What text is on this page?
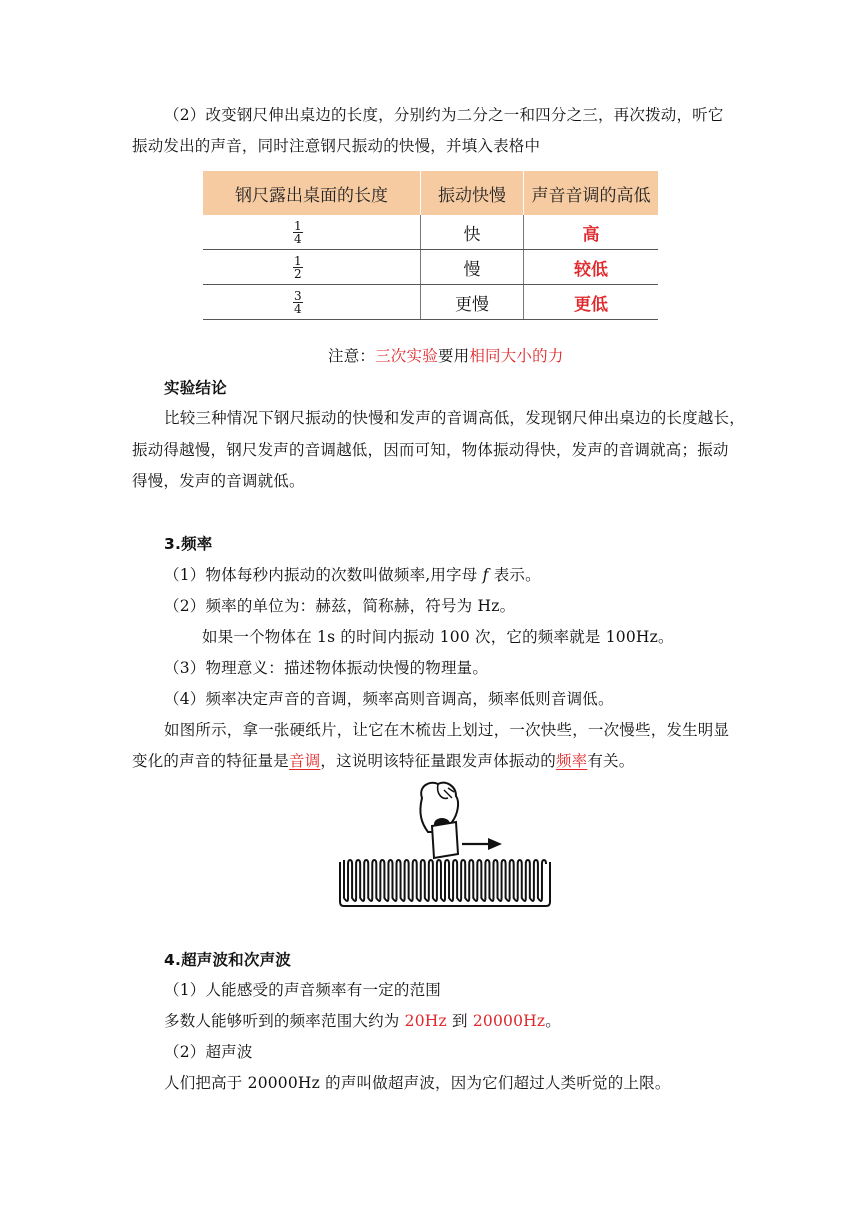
（2）改变钢尺伸出桌边的长度，分别约为二分之一和四分之三，再次拨动，听它
振动发出的声音，同时注意钢尺振动的快慢，并填入表格中
钢尺露出桌面的长度	振动快慢	声音音调的高低

$\frac{1}{4}$	快	高

$\frac{1}{2}$	慢	较低

$\frac{3}{4}$	更慢	更低
注意：三次实验要用相同大小的力
实验结论
比较三种情况下钢尺振动的快慢和发声的音调高低，发现钢尺伸出桌边的长度越长，
振动得越慢，钢尺发声的音调越低，因而可知，物体振动得快，发声的音调就高；振动
得慢，发声的音调就低。
3.频率
（1）物体每秒内振动的次数叫做频率,用字母 f 表示。
（2）频率的单位为：赫兹，简称赫，符号为 Hz。
如果一个物体在 1s 的时间内振动 100 次，它的频率就是 100Hz。
（3）物理意义：描述物体振动快慢的物理量。
（4）频率决定声音的音调，频率高则音调高，频率低则音调低。
如图所示，拿一张硬纸片，让它在木梳齿上划过，一次快些，一次慢些，发生明显
变化的声音的特征量是音调，这说明该特征量跟发声体振动的频率有关。
4.超声波和次声波
（1）人能感受的声音频率有一定的范围
多数人能够听到的频率范围大约为 20Hz 到 20000Hz。
（2）超声波
人们把高于 20000Hz 的声叫做超声波，因为它们超过人类听觉的上限。
